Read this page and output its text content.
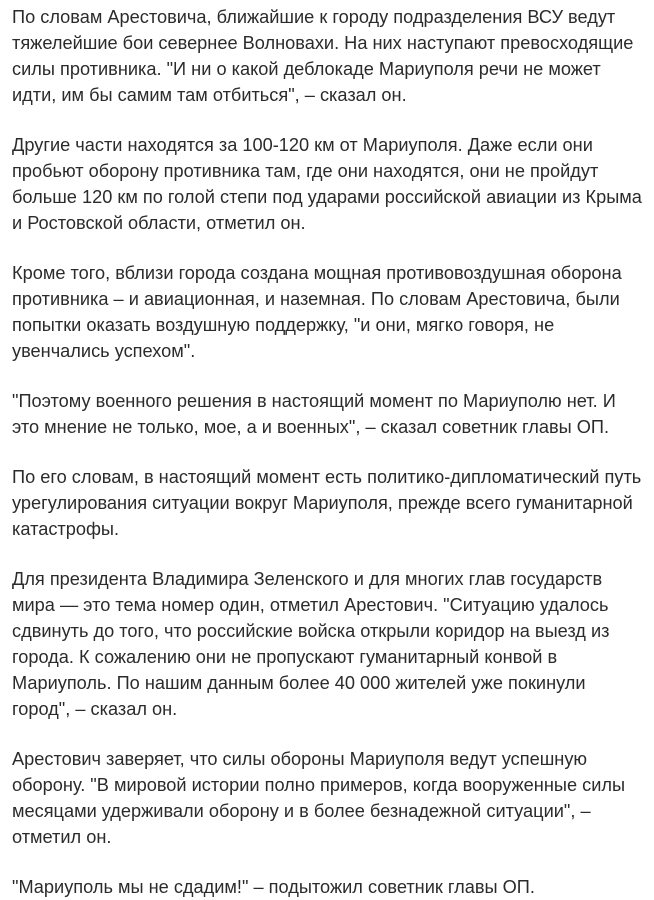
По словам Арестовича, ближайшие к городу подразделения ВСУ ведут тяжелейшие бои севернее Волновахи. На них наступают превосходящие силы противника. "И ни о какой деблокаде Мариуполя речи не может идти, им бы самим там отбиться", – сказал он.

Другие части находятся за 100-120 км от Мариуполя. Даже если они пробьют оборону противника там, где они находятся, они не пройдут больше 120 км по голой степи под ударами российской авиации из Крыма и Ростовской области, отметил он.

Кроме того, вблизи города создана мощная противовоздушная оборона противника – и авиационная, и наземная. По словам Арестовича, были попытки оказать воздушную поддержку, "и они, мягко говоря, не увенчались успехом".

"Поэтому военного решения в настоящий момент по Мариуполю нет. И это мнение не только, мое, а и военных", – сказал советник главы ОП.

По его словам, в настоящий момент есть политико-дипломатический путь урегулирования ситуации вокруг Мариуполя, прежде всего гуманитарной катастрофы.

Для президента Владимира Зеленского и для многих глав государств мира — это тема номер один, отметил Арестович. "Ситуацию удалось сдвинуть до того, что российские войска открыли коридор на выезд из города. К сожалению они не пропускают гуманитарный конвой в Мариуполь. По нашим данным более 40 000 жителей уже покинули город", – сказал он.

Арестович заверяет, что силы обороны Мариуполя ведут успешную оборону. "В мировой истории полно примеров, когда вооруженные силы месяцами удерживали оборону и в более безнадежной ситуации", – отметил он.

"Мариуполь мы не сдадим!" – подытожил советник главы ОП.
